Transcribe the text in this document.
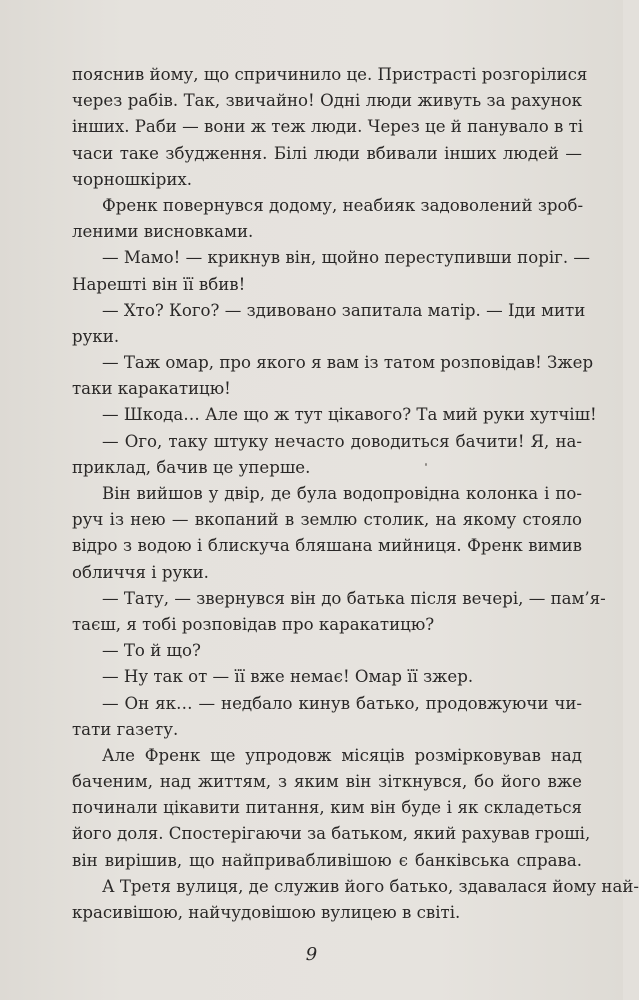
пояснив йому, що спричинило це. Пристрасті розгорілися
через рабів. Так, звичайно! Одні люди живуть за рахунок
інших. Раби — вони ж теж люди. Через це й панувало в ті
часи таке збудження. Білі люди вбивали інших людей —
чорношкірих.
Френк повернувся додому, неабияк задоволений зроб-
леними висновками.
— Мамо! — крикнув він, щойно переступивши поріг. —
Нарешті він її вбив!
— Хто? Кого? — здивовано запитала матір. — Іди мити
руки.
— Таж омар, про якого я вам із татом розповідав! Зжер
таки каракатицю!
— Шкода… Але що ж тут цікавого? Та мий руки хутчіш!
— Ого, таку штуку нечасто доводиться бачити! Я, на-
приклад, бачив це уперше.
Він вийшов у двір, де була водопровідна колонка і по-
руч із нею — вкопаний в землю столик, на якому стояло
відро з водою і блискуча бляшана мийниця. Френк вимив
обличчя і руки.
— Тату, — звернувся він до батька після вечері, — пам’я-
таєш, я тобі розповідав про каракатицю?
— То й що?
— Ну так от — її вже немає! Омар її зжер.
— Он як… — недбало кинув батько, продовжуючи чи-
тати газету.
Але Френк ще упродовж місяців розмірковував над
баченим, над життям, з яким він зіткнувся, бо його вже
починали цікавити питання, ким він буде і як складеться
його доля. Спостерігаючи за батьком, який рахував гроші,
він вирішив, що найпривабливішою є банківська справа.
А Третя вулиця, де служив його батько, здавалася йому най-
красивішою, найчудовішою вулицею в світі.
9
